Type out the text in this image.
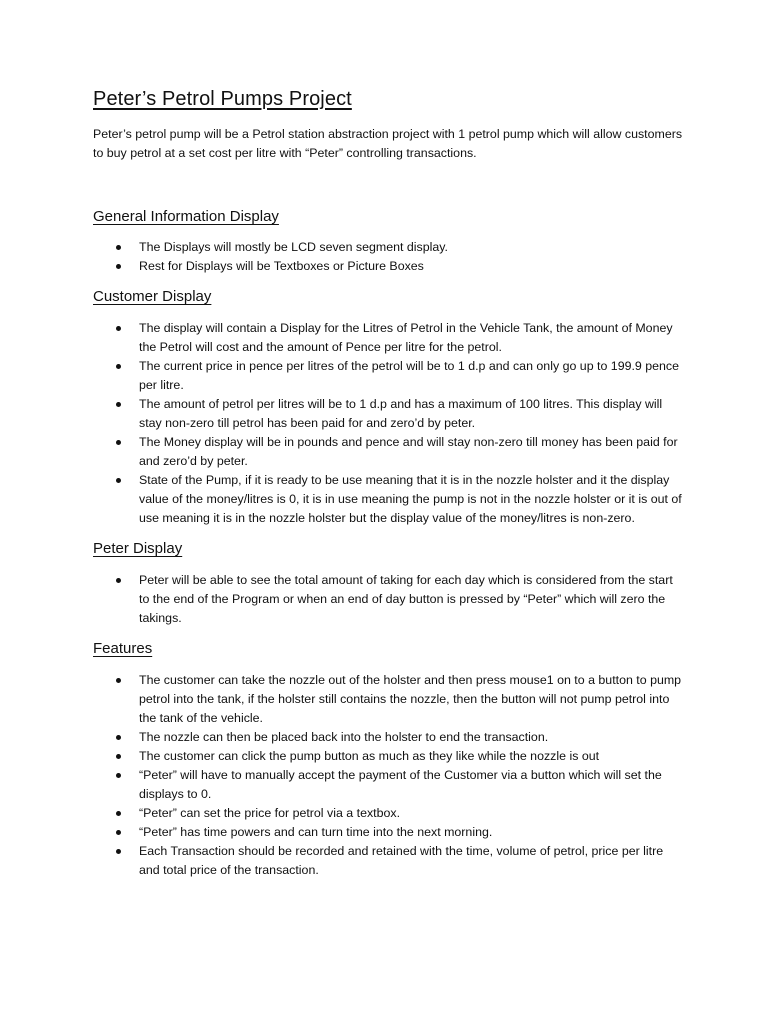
Peter’s Petrol Pumps Project

Peter’s petrol pump will be a Petrol station abstraction project with 1 petrol pump which will allow customers to buy petrol at a set cost per litre with “Peter” controlling transactions.

General Information Display
The Displays will mostly be LCD seven segment display.
Rest for Displays will be Textboxes or Picture Boxes
Customer Display
The display will contain a Display for the Litres of Petrol in the Vehicle Tank, the amount of Money the Petrol will cost and the amount of Pence per litre for the petrol.
The current price in pence per litres of the petrol will be to 1 d.p and can only go up to 199.9 pence per litre.
The amount of petrol per litres will be to 1 d.p and has a maximum of 100 litres. This display will stay non-zero till petrol has been paid for and zero’d by peter.
The Money display will be in pounds and pence and will stay non-zero till money has been paid for and zero’d by peter.
State of the Pump, if it is ready to be use meaning that it is in the nozzle holster and it the display value of the money/litres is 0, it is in use meaning the pump is not in the nozzle holster or it is out of use meaning it is in the nozzle holster but the display value of the money/litres is non-zero.
Peter Display
Peter will be able to see the total amount of taking for each day which is considered from the start to the end of the Program or when an end of day button is pressed by “Peter” which will zero the takings.
Features
The customer can take the nozzle out of the holster and then press mouse1 on to a button to pump petrol into the tank, if the holster still contains the nozzle, then the button will not pump petrol into the tank of the vehicle.
The nozzle can then be placed back into the holster to end the transaction.
The customer can click the pump button as much as they like while the nozzle is out
“Peter” will have to manually accept the payment of the Customer via a button which will set the displays to 0.
“Peter” can set the price for petrol via a textbox.
“Peter” has time powers and can turn time into the next morning.
Each Transaction should be recorded and retained with the time, volume of petrol, price per litre and total price of the transaction.
